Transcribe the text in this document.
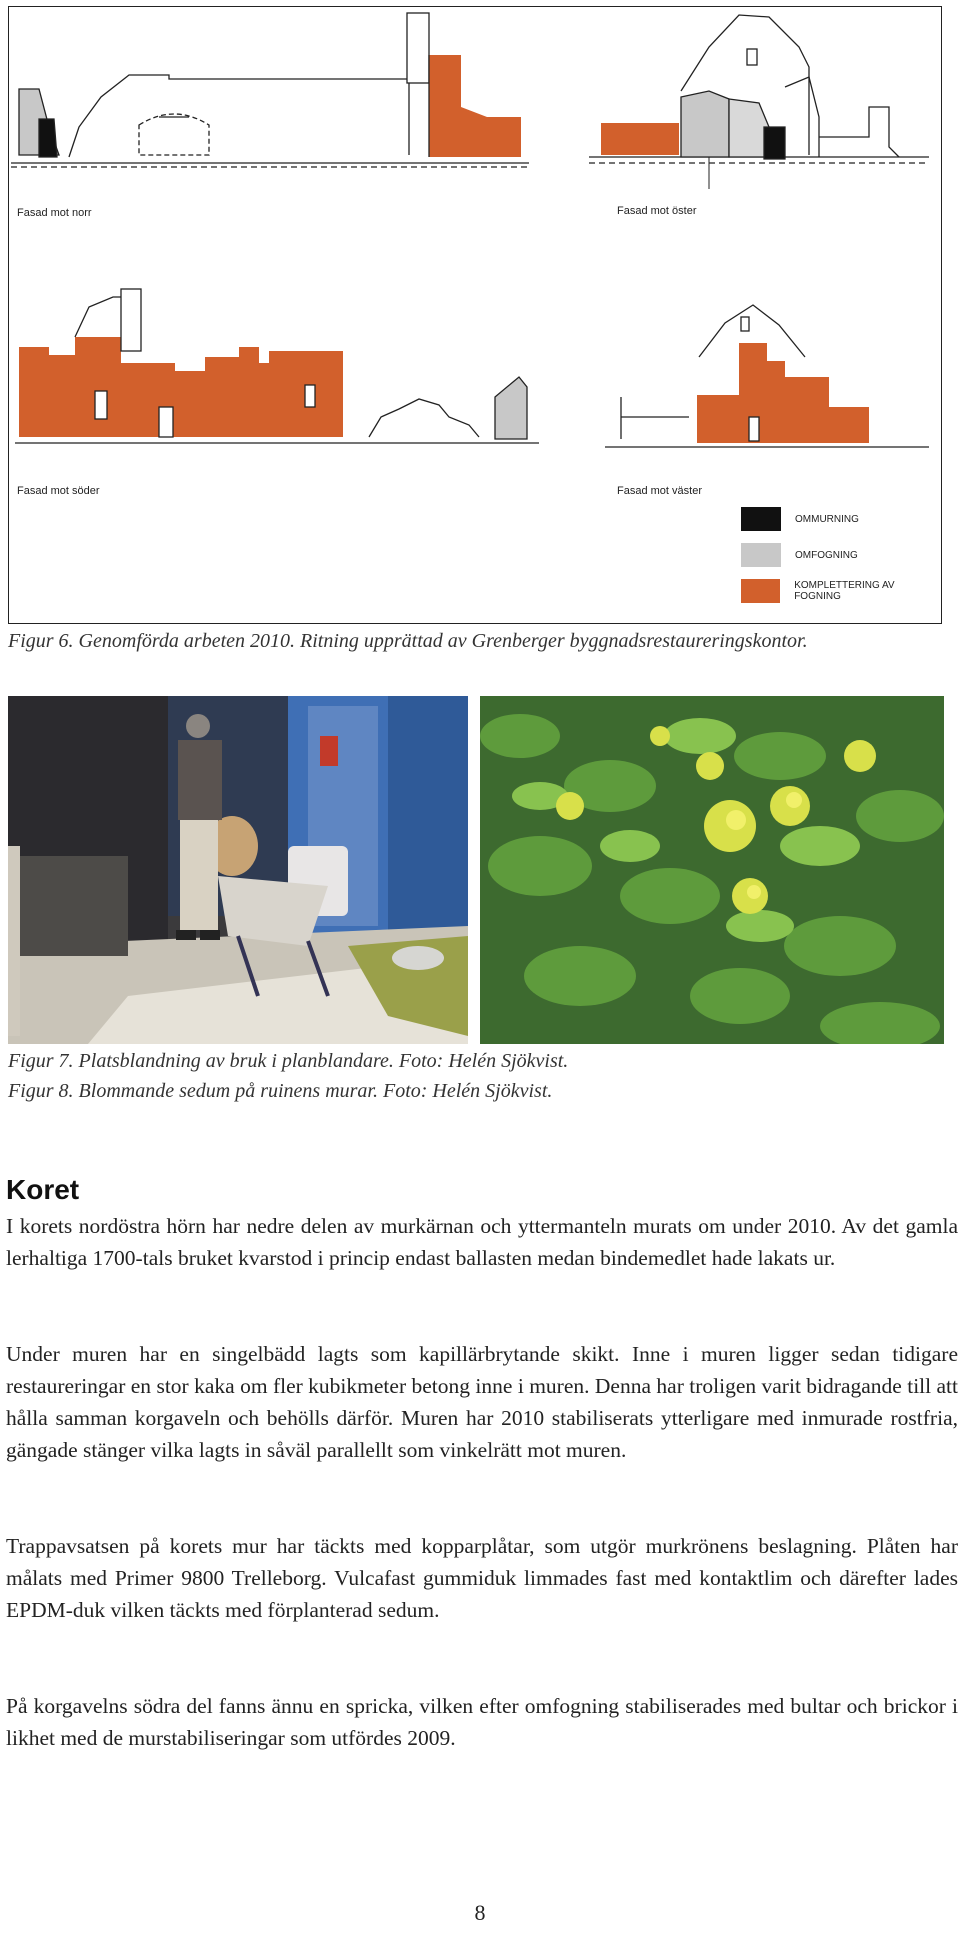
Fasad mot norr	Fasad mot öster
Fasad mot söder	Fasad mot väster
OMMURNING
OMFOGNING
KOMPLETTERING AV FOGNING
Figur 6. Genomförda arbeten 2010. Ritning upprättad av Grenberger byggnadsrestaureringskontor.
Figur 7. Platsblandning av bruk i planblandare. Foto: Helén Sjökvist.
Figur 8. Blommande sedum på ruinens murar. Foto: Helén Sjökvist.
Koret
I korets nordöstra hörn har nedre delen av murkärnan och yttermanteln murats om under 2010. Av det gamla lerhaltiga 1700-tals bruket kvarstod i princip endast ballasten medan bindemedlet hade lakats ur.
Under muren har en singelbädd lagts som kapillärbrytande skikt. Inne i muren ligger sedan tidigare restaureringar en stor kaka om fler kubikmeter betong inne i muren. Denna har troligen varit bidragande till att hålla samman korgaveln och behölls därför. Muren har 2010 stabiliserats ytterligare med inmurade rostfria, gängade stänger vilka lagts in såväl parallellt som vinkelrätt mot muren.
Trappavsatsen på korets mur har täckts med kopparplåtar, som utgör murkrönens beslagning. Plåten har målats med Primer 9800 Trelleborg. Vulcafast gummiduk limmades fast med kontaktlim och därefter lades EPDM-duk vilken täckts med förplanterad sedum.
På korgavelns södra del fanns ännu en spricka, vilken efter omfogning stabiliserades med bultar och brickor i likhet med de murstabiliseringar som utfördes 2009.
8
